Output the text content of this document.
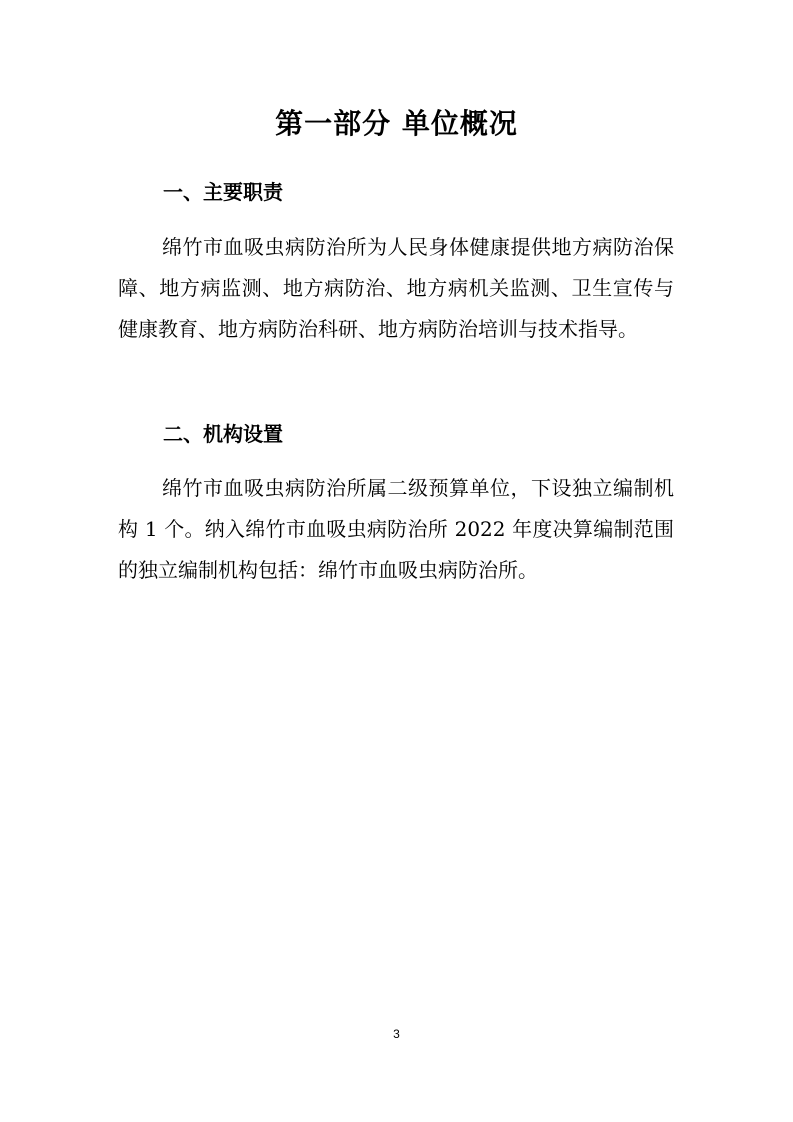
第一部分 单位概况
一、主要职责

绵竹市血吸虫病防治所为人民身体健康提供地方病防治保障、地方病监测、地方病防治、地方病机关监测、卫生宣传与健康教育、地方病防治科研、地方病防治培训与技术指导。

二、机构设置

绵竹市血吸虫病防治所属二级预算单位，下设独立编制机构 1 个。纳入绵竹市血吸虫病防治所 2022 年度决算编制范围的独立编制机构包括：绵竹市血吸虫病防治所。

3
